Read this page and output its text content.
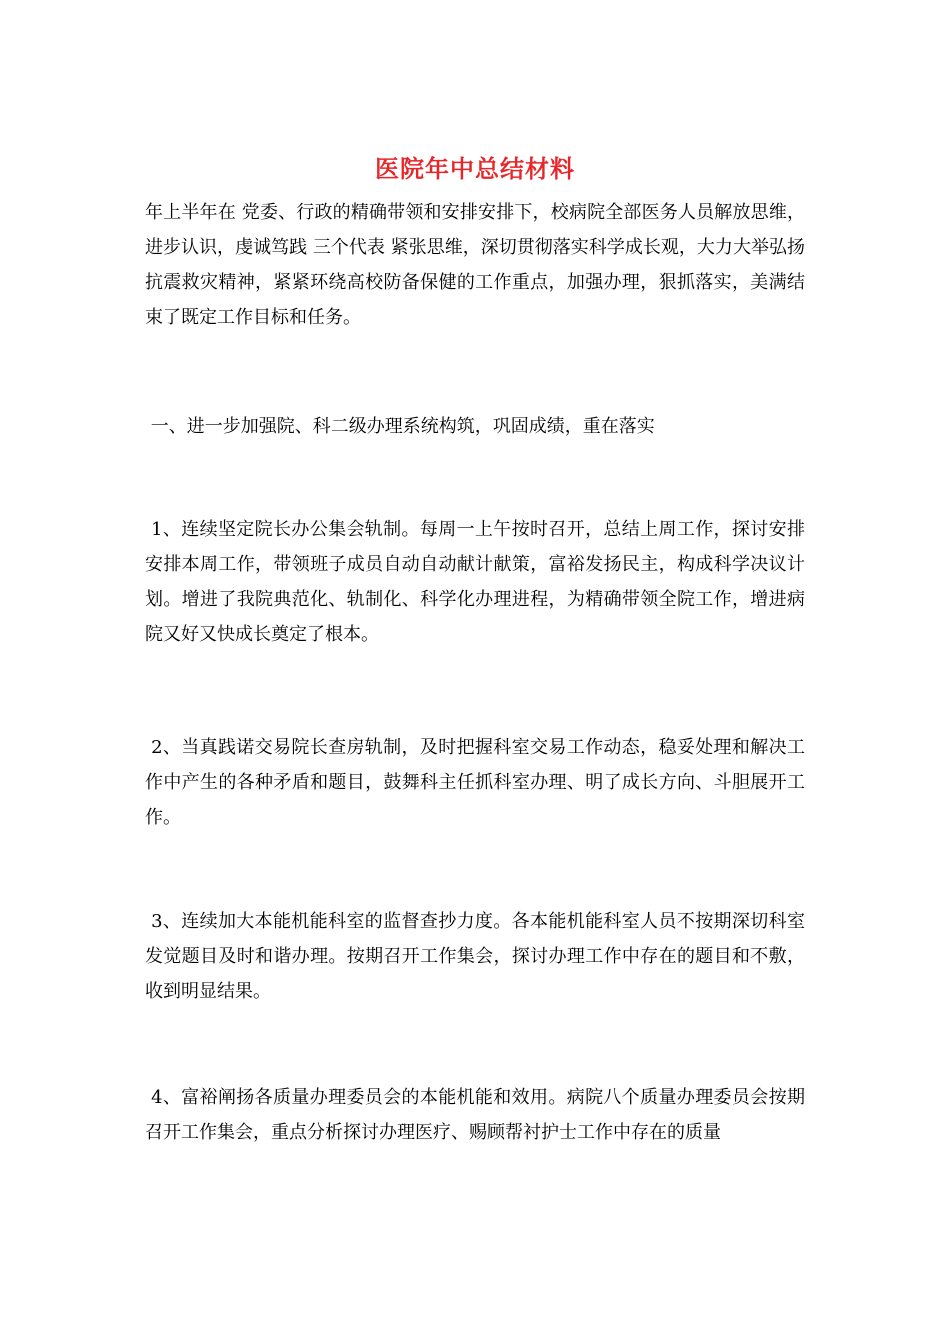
医院年中总结材料

年上半年在 党委、行政的精确带领和安排安排下，校病院全部医务人员解放思维，进步认识，虔诚笃践 三个代表 紧张思维，深切贯彻落实科学成长观，大力大举弘扬抗震救灾精神，紧紧环绕高校防备保健的工作重点，加强办理，狠抓落实，美满结束了既定工作目标和任务。

一、进一步加强院、科二级办理系统构筑，巩固成绩，重在落实

1、连续坚定院长办公集会轨制。每周一上午按时召开，总结上周工作，探讨安排安排本周工作，带领班子成员自动自动献计献策，富裕发扬民主，构成科学决议计划。增进了我院典范化、轨制化、科学化办理进程，为精确带领全院工作，增进病院又好又快成长奠定了根本。

2、当真践诺交易院长查房轨制，及时把握科室交易工作动态，稳妥处理和解决工作中产生的各种矛盾和题目，鼓舞科主任抓科室办理、明了成长方向、斗胆展开工作。

3、连续加大本能机能科室的监督查抄力度。各本能机能科室人员不按期深切科室发觉题目及时和谐办理。按期召开工作集会，探讨办理工作中存在的题目和不敷，收到明显结果。

4、富裕阐扬各质量办理委员会的本能机能和效用。病院八个质量办理委员会按期召开工作集会，重点分析探讨办理医疗、赐顾帮衬护士工作中存在的质量
